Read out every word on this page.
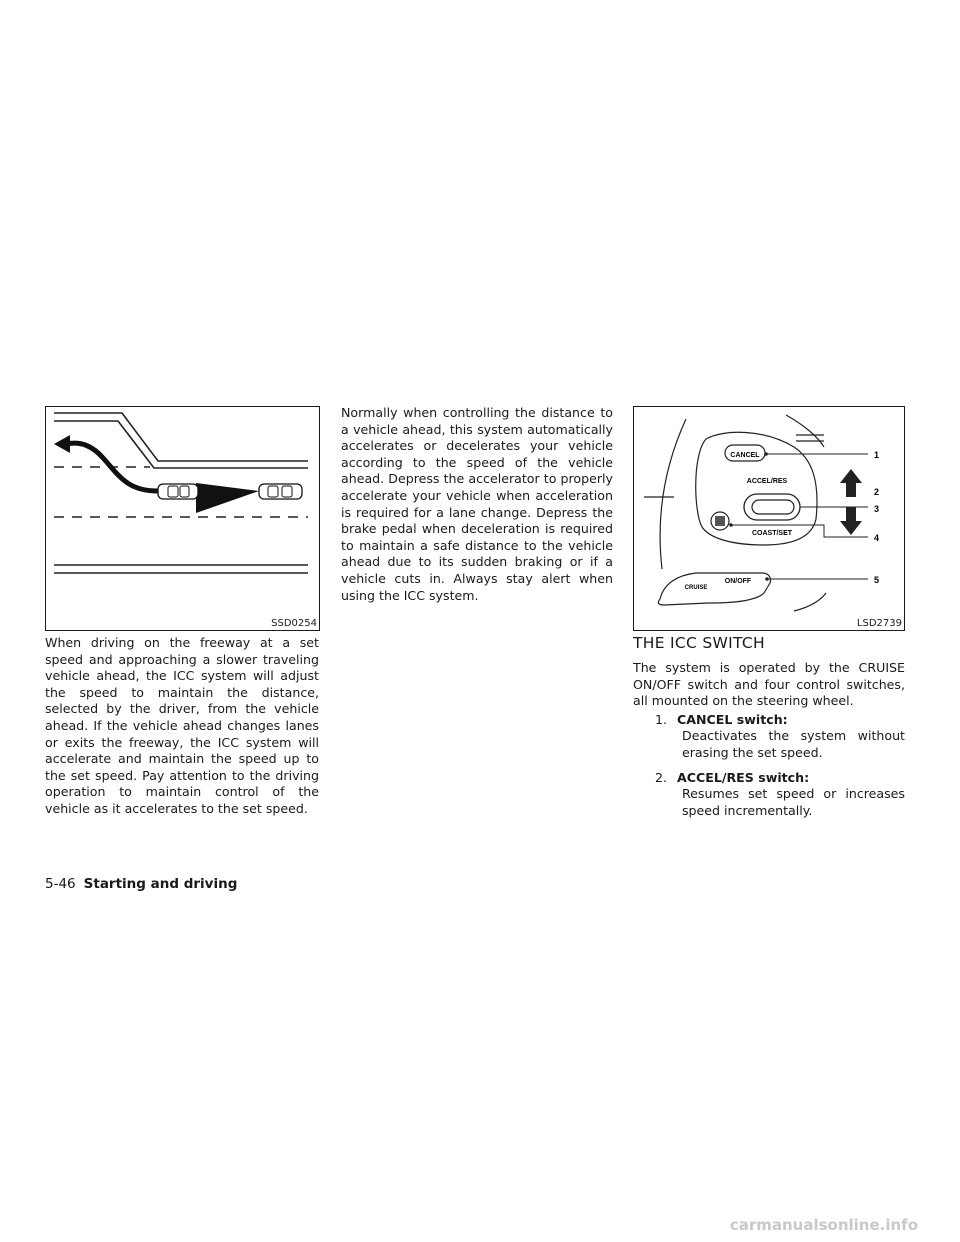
SSD0254

When driving on the freeway at a set speed and approaching a slower traveling vehicle ahead, the ICC system will adjust the speed to maintain the distance, selected by the driver, from the vehicle ahead. If the vehicle ahead changes lanes or exits the freeway, the ICC system will accelerate and maintain the speed up to the set speed. Pay attention to the driving operation to maintain control of the vehicle as it accelerates to the set speed.

Normally when controlling the distance to a vehicle ahead, this system automatically accelerates or decelerates your vehicle according to the speed of the vehicle ahead. Depress the accelerator to properly accelerate your vehicle when acceleration is required for a lane change. Depress the brake pedal when deceleration is required to maintain a safe distance to the vehicle ahead due to its sudden braking or if a vehicle cuts in. Always stay alert when using the ICC system.

CANCEL
ACCEL/RES
COAST/SET
CRUISE
ON/OFF
1
2
3
4
5
LSD2739
THE ICC SWITCH

The system is operated by the CRUISE ON/OFF switch and four control switches, all mounted on the steering wheel.

1. CANCEL switch:
Deactivates the system without erasing the set speed.
2. ACCEL/RES switch:
Resumes set speed or increases speed incrementally.
5-46 Starting and driving
carmanualsonline.info
